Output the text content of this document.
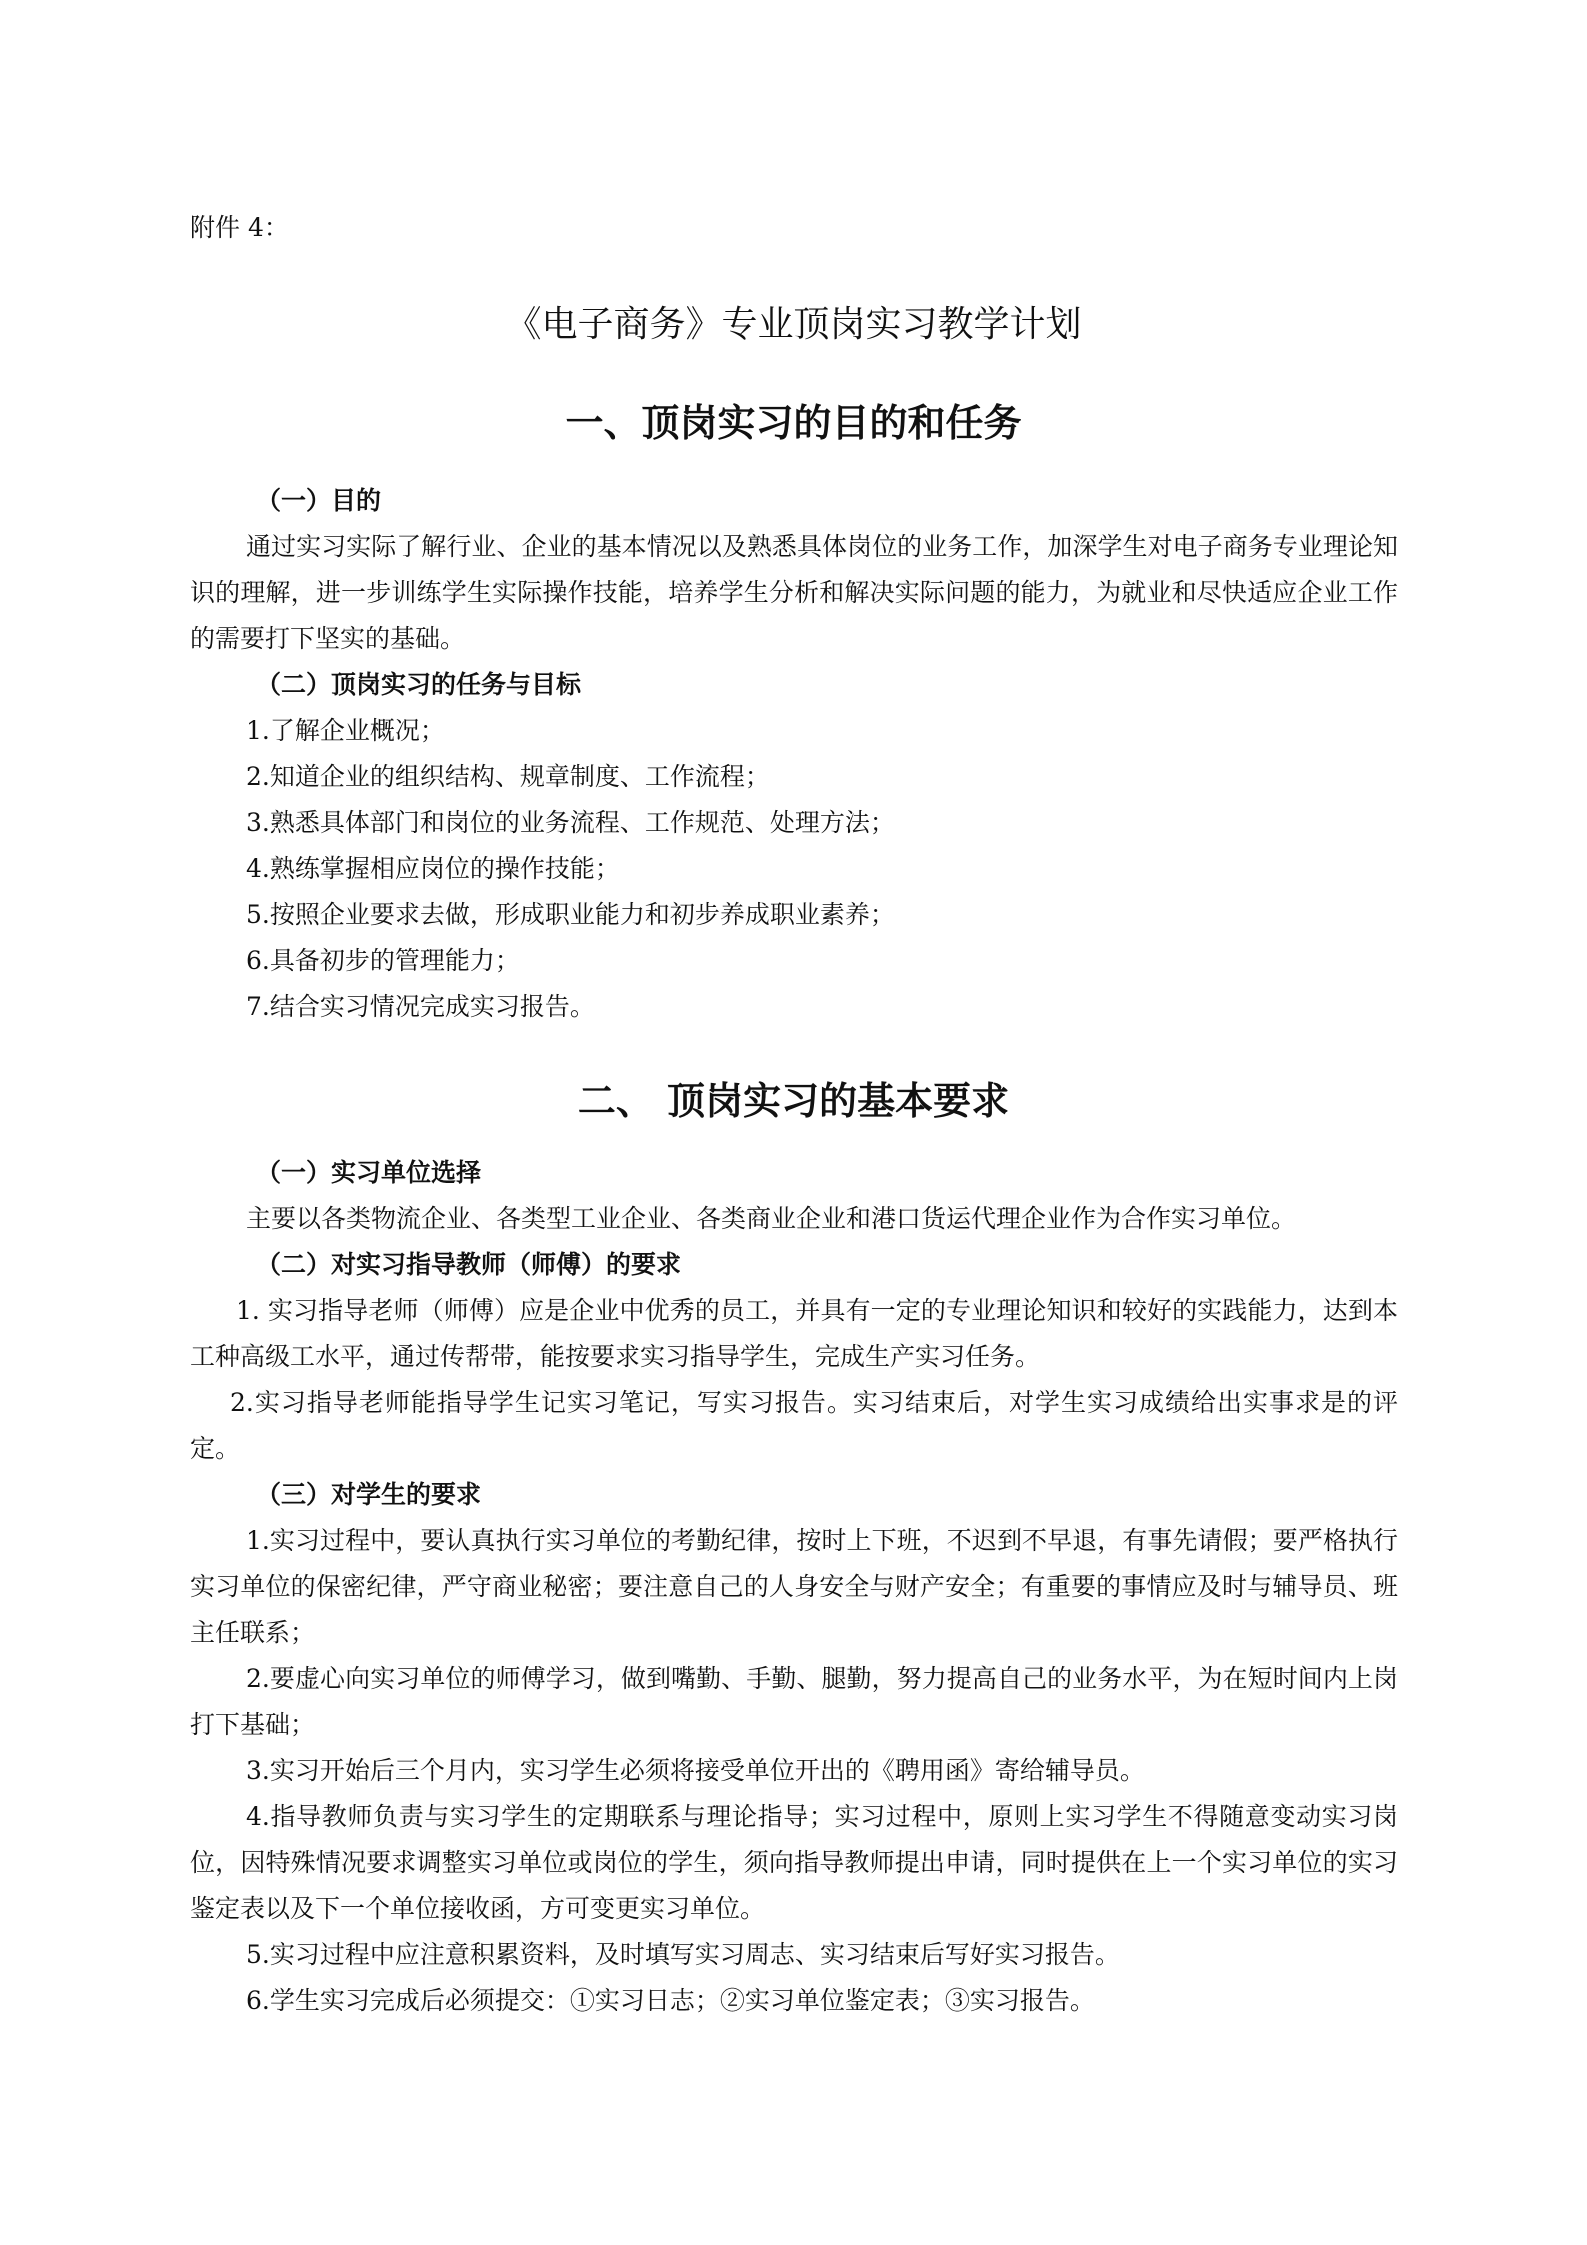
附件 4：
《电子商务》专业顶岗实习教学计划
一、顶岗实习的目的和任务

（一）目的

通过实习实际了解行业、企业的基本情况以及熟悉具体岗位的业务工作，加深学生对电子商务专业理论知识的理解，进一步训练学生实际操作技能，培养学生分析和解决实际问题的能力，为就业和尽快适应企业工作的需要打下坚实的基础。

（二）顶岗实习的任务与目标

1.了解企业概况；

2.知道企业的组织结构、规章制度、工作流程；

3.熟悉具体部门和岗位的业务流程、工作规范、处理方法；

4.熟练掌握相应岗位的操作技能；

5.按照企业要求去做，形成职业能力和初步养成职业素养；

6.具备初步的管理能力；

7.结合实习情况完成实习报告。

二、 顶岗实习的基本要求

（一）实习单位选择

主要以各类物流企业、各类型工业企业、各类商业企业和港口货运代理企业作为合作实习单位。

（二）对实习指导教师（师傅）的要求

1. 实习指导老师（师傅）应是企业中优秀的员工，并具有一定的专业理论知识和较好的实践能力，达到本工种高级工水平，通过传帮带，能按要求实习指导学生，完成生产实习任务。

2.实习指导老师能指导学生记实习笔记，写实习报告。实习结束后，对学生实习成绩给出实事求是的评定。

（三）对学生的要求

1.实习过程中，要认真执行实习单位的考勤纪律，按时上下班，不迟到不早退，有事先请假；要严格执行实习单位的保密纪律，严守商业秘密；要注意自己的人身安全与财产安全；有重要的事情应及时与辅导员、班主任联系；

2.要虚心向实习单位的师傅学习，做到嘴勤、手勤、腿勤，努力提高自己的业务水平，为在短时间内上岗打下基础；

3.实习开始后三个月内，实习学生必须将接受单位开出的《聘用函》寄给辅导员。

4.指导教师负责与实习学生的定期联系与理论指导；实习过程中，原则上实习学生不得随意变动实习岗位，因特殊情况要求调整实习单位或岗位的学生，须向指导教师提出申请，同时提供在上一个实习单位的实习鉴定表以及下一个单位接收函，方可变更实习单位。

5.实习过程中应注意积累资料，及时填写实习周志、实习结束后写好实习报告。

6.学生实习完成后必须提交：①实习日志；②实习单位鉴定表；③实习报告。
